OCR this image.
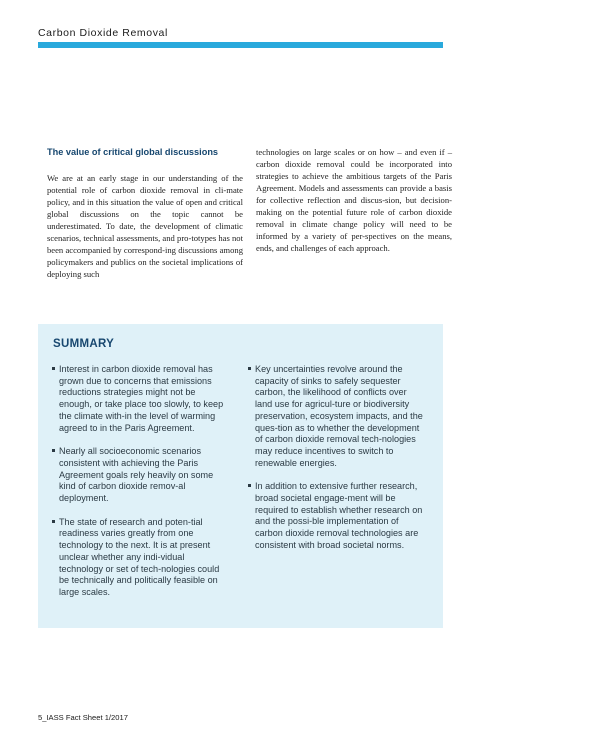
Carbon Dioxide Removal
The value of critical global discussions

We are at an early stage in our understanding of the potential role of carbon dioxide removal in cli-mate policy, and in this situation the value of open and critical global discussions on the topic cannot be underestimated. To date, the development of climatic scenarios, technical assessments, and pro-totypes has not been accompanied by correspond-ing discussions among policymakers and publics on the societal implications of deploying such

technologies on large scales or on how – and even if – carbon dioxide removal could be incorporated into strategies to achieve the ambitious targets of the Paris Agreement. Models and assessments can provide a basis for collective reflection and discus-sion, but decision-making on the potential future role of carbon dioxide removal in climate change policy will need to be informed by a variety of per-spectives on the means, ends, and challenges of each approach.

SUMMARY
Interest in carbon dioxide removal has grown due to concerns that emissions reductions strategies might not be enough, or take place too slowly, to keep the climate with-in the level of warming agreed to in the Paris Agreement.
Nearly all socioeconomic scenarios consistent with achieving the Paris Agreement goals rely heavily on some kind of carbon dioxide remov-al deployment.
The state of research and poten-tial readiness varies greatly from one technology to the next. It is at present unclear whether any indi-vidual technology or set of tech-nologies could be technically and politically feasible on large scales.
Key uncertainties revolve around the capacity of sinks to safely sequester carbon, the likelihood of conflicts over land use for agricul-ture or biodiversity preservation, ecosystem impacts, and the ques-tion as to whether the development of carbon dioxide removal tech-nologies may reduce incentives to switch to renewable energies.
In addition to extensive further research, broad societal engage-ment will be required to establish whether research on and the possi-ble implementation of carbon dioxide removal technologies are consistent with broad societal norms.
5_IASS Fact Sheet 1/2017
